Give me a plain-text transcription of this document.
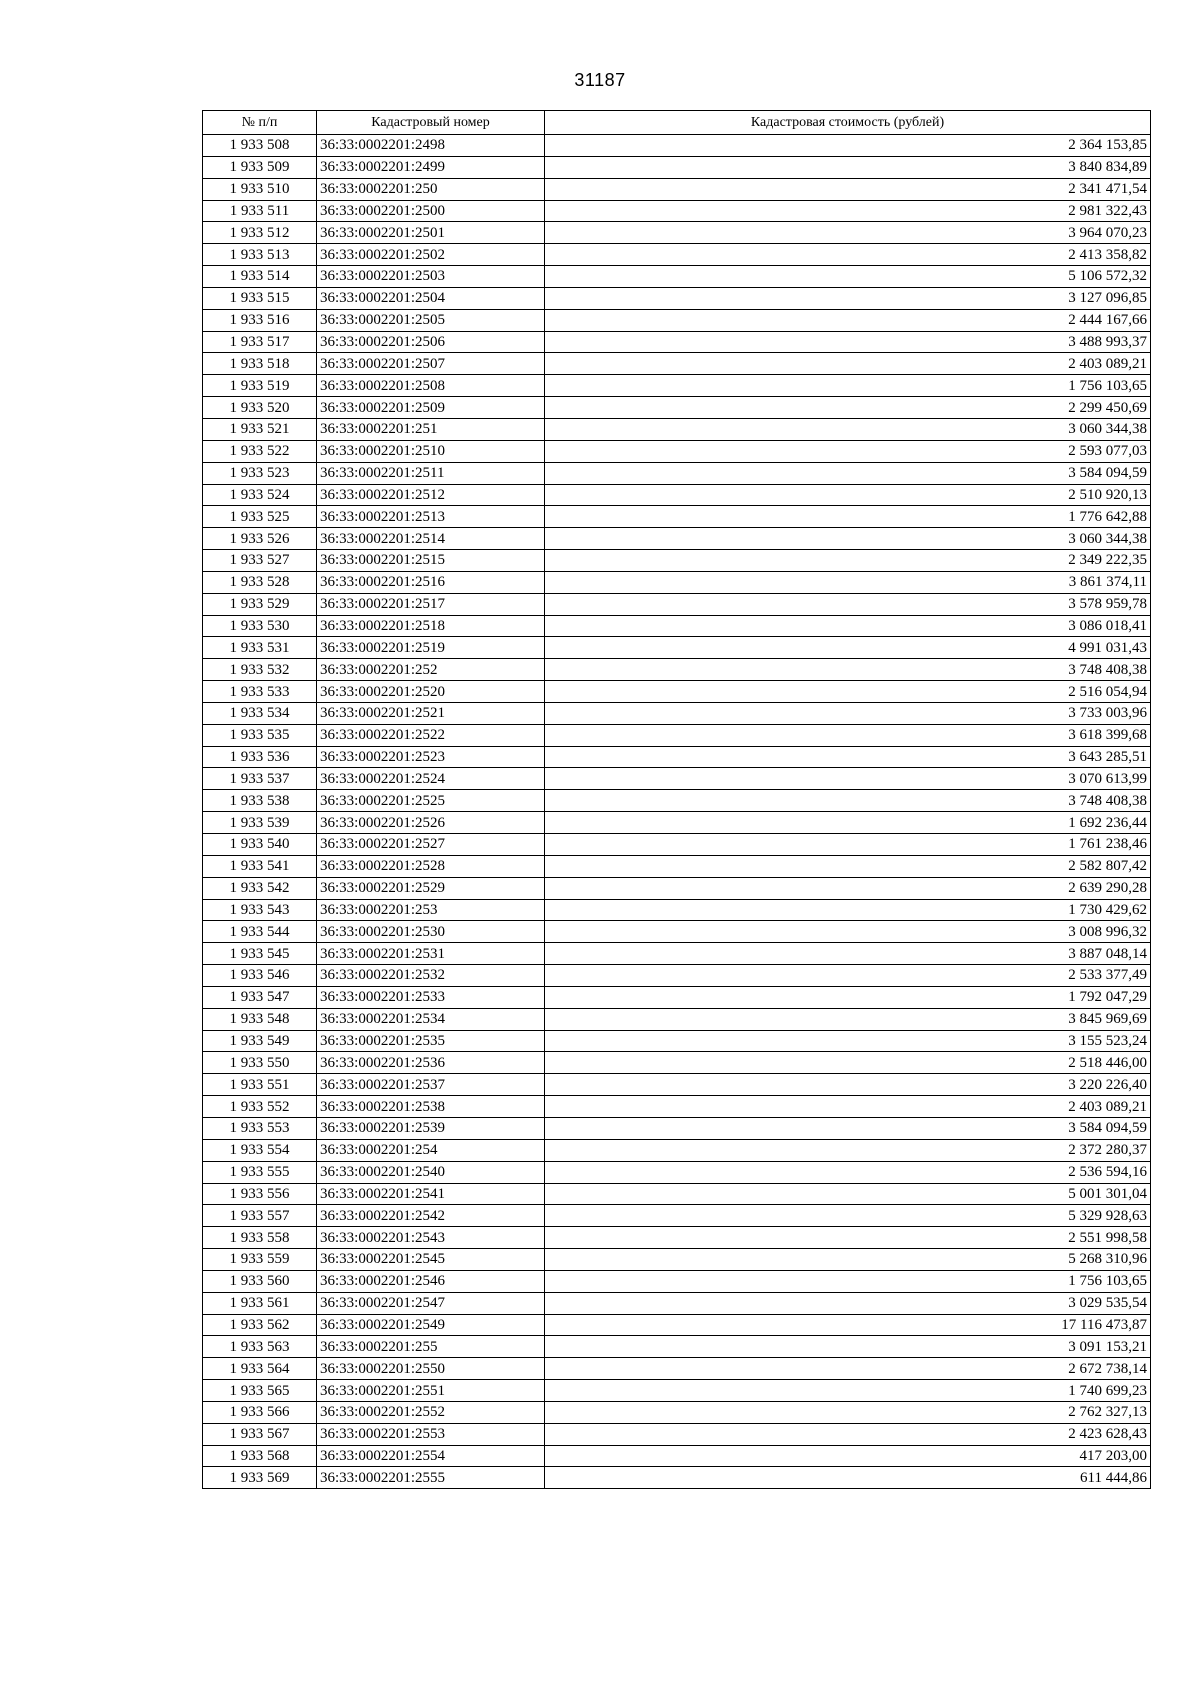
31187
№ п/п	Кадастровый номер	Кадастровая стоимость (рублей)
1 933 508	36:33:0002201:2498	2 364 153,85
1 933 509	36:33:0002201:2499	3 840 834,89
1 933 510	36:33:0002201:250	2 341 471,54
1 933 511	36:33:0002201:2500	2 981 322,43
1 933 512	36:33:0002201:2501	3 964 070,23
1 933 513	36:33:0002201:2502	2 413 358,82
1 933 514	36:33:0002201:2503	5 106 572,32
1 933 515	36:33:0002201:2504	3 127 096,85
1 933 516	36:33:0002201:2505	2 444 167,66
1 933 517	36:33:0002201:2506	3 488 993,37
1 933 518	36:33:0002201:2507	2 403 089,21
1 933 519	36:33:0002201:2508	1 756 103,65
1 933 520	36:33:0002201:2509	2 299 450,69
1 933 521	36:33:0002201:251	3 060 344,38
1 933 522	36:33:0002201:2510	2 593 077,03
1 933 523	36:33:0002201:2511	3 584 094,59
1 933 524	36:33:0002201:2512	2 510 920,13
1 933 525	36:33:0002201:2513	1 776 642,88
1 933 526	36:33:0002201:2514	3 060 344,38
1 933 527	36:33:0002201:2515	2 349 222,35
1 933 528	36:33:0002201:2516	3 861 374,11
1 933 529	36:33:0002201:2517	3 578 959,78
1 933 530	36:33:0002201:2518	3 086 018,41
1 933 531	36:33:0002201:2519	4 991 031,43
1 933 532	36:33:0002201:252	3 748 408,38
1 933 533	36:33:0002201:2520	2 516 054,94
1 933 534	36:33:0002201:2521	3 733 003,96
1 933 535	36:33:0002201:2522	3 618 399,68
1 933 536	36:33:0002201:2523	3 643 285,51
1 933 537	36:33:0002201:2524	3 070 613,99
1 933 538	36:33:0002201:2525	3 748 408,38
1 933 539	36:33:0002201:2526	1 692 236,44
1 933 540	36:33:0002201:2527	1 761 238,46
1 933 541	36:33:0002201:2528	2 582 807,42
1 933 542	36:33:0002201:2529	2 639 290,28
1 933 543	36:33:0002201:253	1 730 429,62
1 933 544	36:33:0002201:2530	3 008 996,32
1 933 545	36:33:0002201:2531	3 887 048,14
1 933 546	36:33:0002201:2532	2 533 377,49
1 933 547	36:33:0002201:2533	1 792 047,29
1 933 548	36:33:0002201:2534	3 845 969,69
1 933 549	36:33:0002201:2535	3 155 523,24
1 933 550	36:33:0002201:2536	2 518 446,00
1 933 551	36:33:0002201:2537	3 220 226,40
1 933 552	36:33:0002201:2538	2 403 089,21
1 933 553	36:33:0002201:2539	3 584 094,59
1 933 554	36:33:0002201:254	2 372 280,37
1 933 555	36:33:0002201:2540	2 536 594,16
1 933 556	36:33:0002201:2541	5 001 301,04
1 933 557	36:33:0002201:2542	5 329 928,63
1 933 558	36:33:0002201:2543	2 551 998,58
1 933 559	36:33:0002201:2545	5 268 310,96
1 933 560	36:33:0002201:2546	1 756 103,65
1 933 561	36:33:0002201:2547	3 029 535,54
1 933 562	36:33:0002201:2549	17 116 473,87
1 933 563	36:33:0002201:255	3 091 153,21
1 933 564	36:33:0002201:2550	2 672 738,14
1 933 565	36:33:0002201:2551	1 740 699,23
1 933 566	36:33:0002201:2552	2 762 327,13
1 933 567	36:33:0002201:2553	2 423 628,43
1 933 568	36:33:0002201:2554	417 203,00
1 933 569	36:33:0002201:2555	611 444,86
